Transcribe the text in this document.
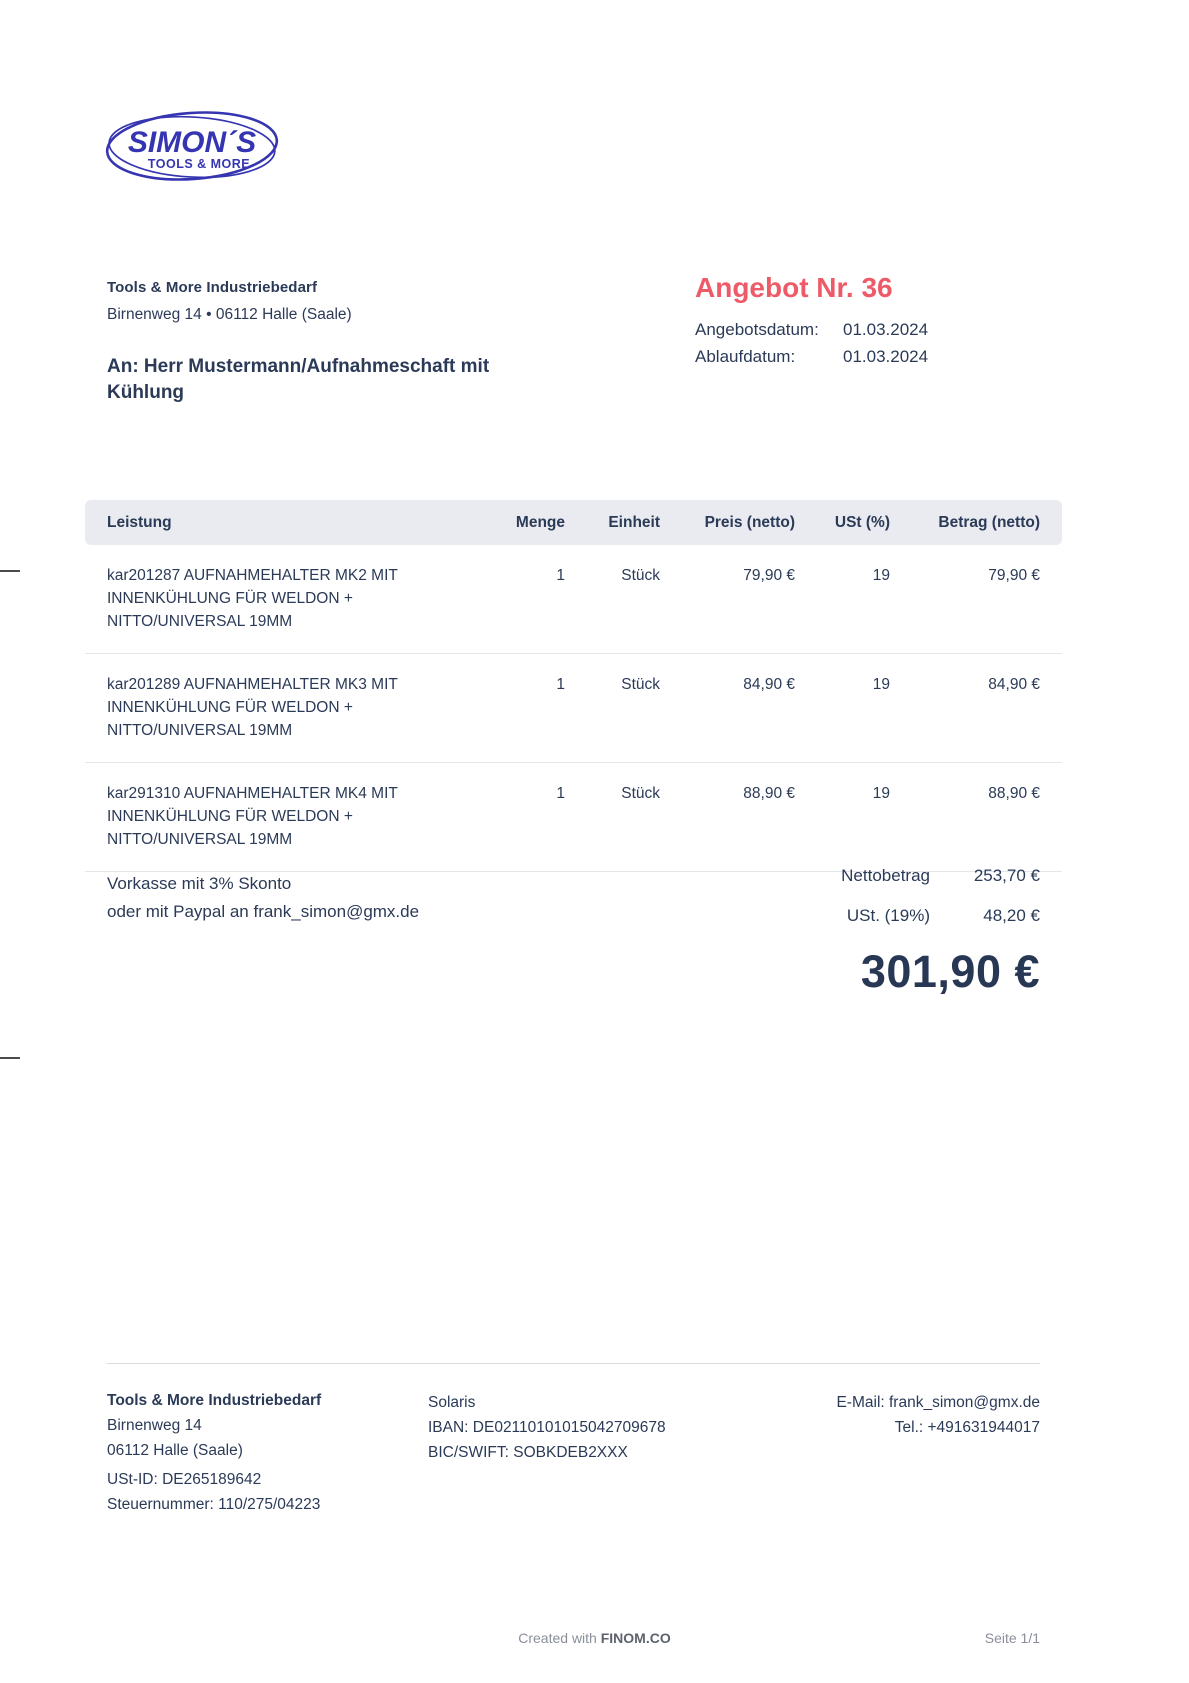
SIMON´S
TOOLS & MORE
Tools & More Industriebedarf
Birnenweg 14 • 06112 Halle (Saale)
An: Herr Mustermann/Aufnahmeschaft mit Kühlung
Angebot Nr. 36
Angebotsdatum:	01.03.2024
Ablaufdatum:	01.03.2024
Leistung	Menge	Einheit	Preis (netto)	USt (%)	Betrag (netto)
kar201287 AUFNAHMEHALTER MK2 MIT INNENKÜHLUNG FÜR WELDON + NITTO/UNIVERSAL 19MM
1	Stück	79,90 €	19	79,90 €
kar201289 AUFNAHMEHALTER MK3 MIT INNENKÜHLUNG FÜR WELDON + NITTO/UNIVERSAL 19MM
1	Stück	84,90 €	19	84,90 €
kar291310 AUFNAHMEHALTER MK4 MIT INNENKÜHLUNG FÜR WELDON + NITTO/UNIVERSAL 19MM
1	Stück	88,90 €	19	88,90 €
Vorkasse mit 3% Skonto
oder mit Paypal an frank_simon@gmx.de
Nettobetrag	253,70 €
USt. (19%)	48,20 €
301,90 €
Tools & More Industriebedarf
Birnenweg 14
06112 Halle (Saale)
USt-ID: DE265189642
Steuernummer: 110/275/04223
Solaris
IBAN: DE02110101015042709678
BIC/SWIFT: SOBKDEB2XXX
E-Mail: frank_simon@gmx.de
Tel.: +491631944017
Created with FINOM.CO	Seite 1/1
